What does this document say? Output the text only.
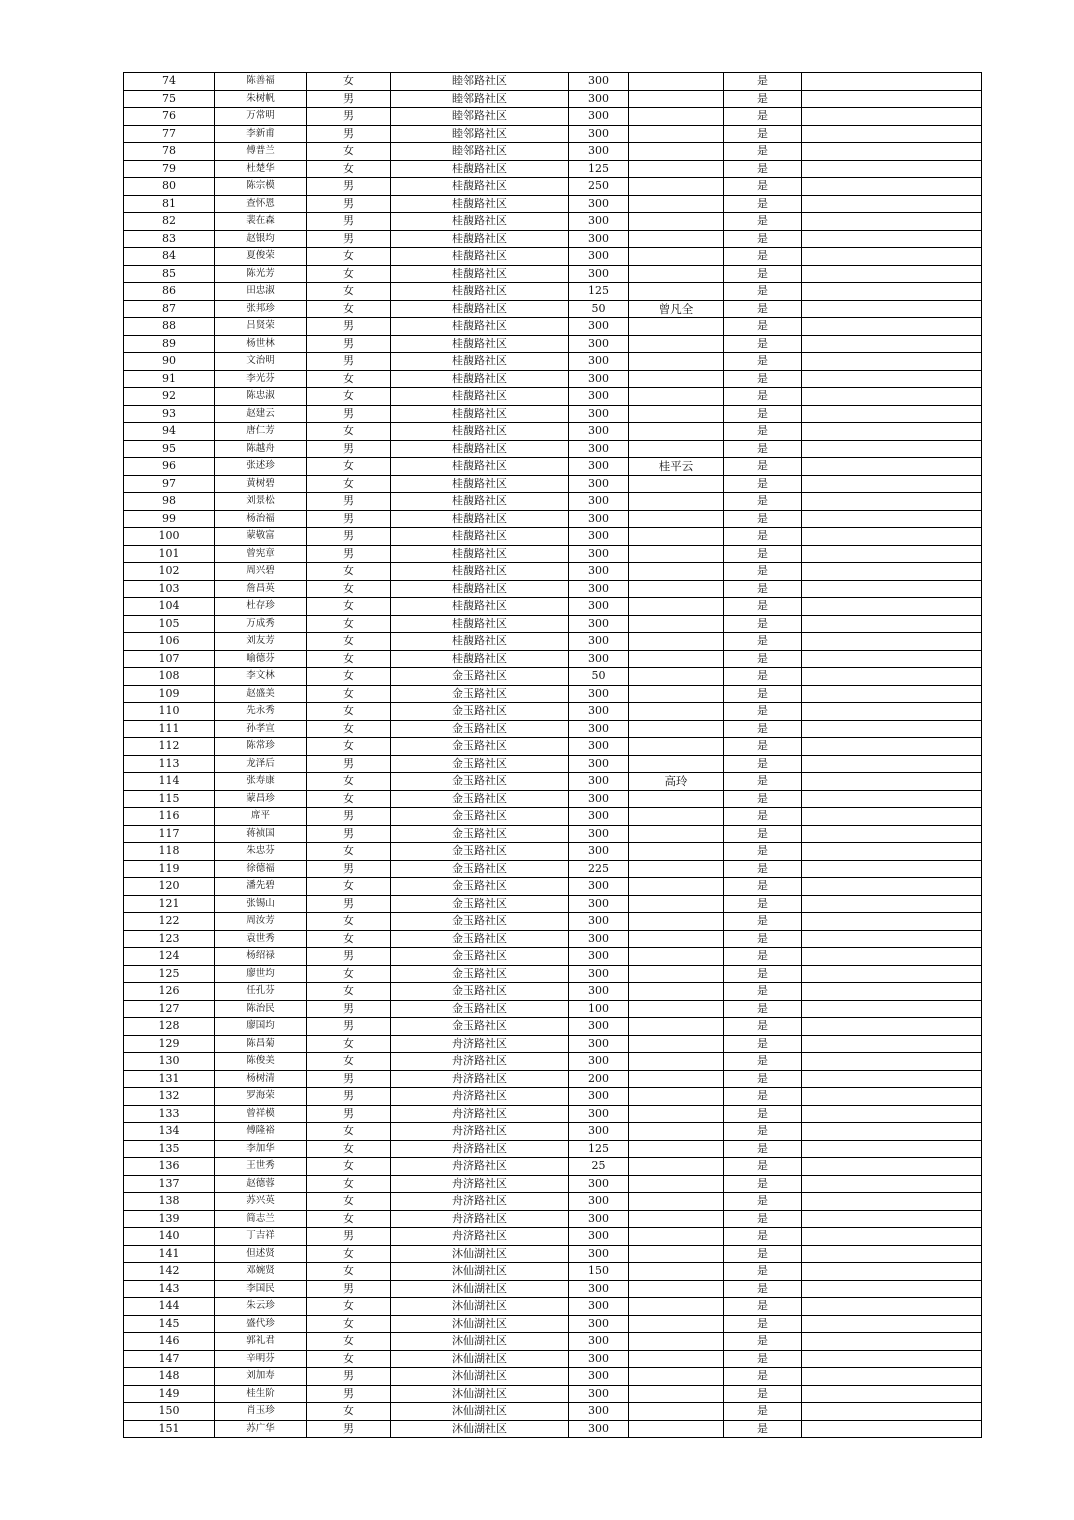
74	陈善福	女	睦邻路社区	300		是	
75	朱树帆	男	睦邻路社区	300		是	
76	万常明	男	睦邻路社区	300		是	
77	李新甫	男	睦邻路社区	300		是	
78	傅普兰	女	睦邻路社区	300		是	
79	杜楚华	女	桂馥路社区	125		是	
80	陈宗模	男	桂馥路社区	250		是	
81	查怀恩	男	桂馥路社区	300		是	
82	裴在森	男	桂馥路社区	300		是	
83	赵银均	男	桂馥路社区	300		是	
84	夏俊荣	女	桂馥路社区	300		是	
85	陈光芳	女	桂馥路社区	300		是	
86	田忠淑	女	桂馥路社区	125		是	
87	张邦珍	女	桂馥路社区	50	曾凡全	是	
88	吕贤荣	男	桂馥路社区	300		是	
89	杨世林	男	桂馥路社区	300		是	
90	文治明	男	桂馥路社区	300		是	
91	李光芬	女	桂馥路社区	300		是	
92	陈忠淑	女	桂馥路社区	300		是	
93	赵建云	男	桂馥路社区	300		是	
94	唐仁芳	女	桂馥路社区	300		是	
95	陈越舟	男	桂馥路社区	300		是	
96	张述珍	女	桂馥路社区	300	桂平云	是	
97	黄树碧	女	桂馥路社区	300		是	
98	刘景松	男	桂馥路社区	300		是	
99	杨治福	男	桂馥路社区	300		是	
100	蒙敬富	男	桂馥路社区	300		是	
101	曾宪章	男	桂馥路社区	300		是	
102	周兴碧	女	桂馥路社区	300		是	
103	詹昌英	女	桂馥路社区	300		是	
104	杜存珍	女	桂馥路社区	300		是	
105	万成秀	女	桂馥路社区	300		是	
106	刘友芳	女	桂馥路社区	300		是	
107	喻德芬	女	桂馥路社区	300		是	
108	李文林	女	金玉路社区	50		是	
109	赵盛美	女	金玉路社区	300		是	
110	先永秀	女	金玉路社区	300		是	
111	孙孝宣	女	金玉路社区	300		是	
112	陈常珍	女	金玉路社区	300		是	
113	龙泽后	男	金玉路社区	300		是	
114	张寿康	女	金玉路社区	300	高玲	是	
115	蒙昌珍	女	金玉路社区	300		是	
116	席平	男	金玉路社区	300		是	
117	蒋祯国	男	金玉路社区	300		是	
118	朱忠芬	女	金玉路社区	300		是	
119	徐德福	男	金玉路社区	225		是	
120	潘先碧	女	金玉路社区	300		是	
121	张锡山	男	金玉路社区	300		是	
122	周汝芳	女	金玉路社区	300		是	
123	袁世秀	女	金玉路社区	300		是	
124	杨绍禄	男	金玉路社区	300		是	
125	廖世均	女	金玉路社区	300		是	
126	任孔芬	女	金玉路社区	300		是	
127	陈治民	男	金玉路社区	100		是	
128	廖国均	男	金玉路社区	300		是	
129	陈昌菊	女	舟济路社区	300		是	
130	陈俊美	女	舟济路社区	300		是	
131	杨树清	男	舟济路社区	200		是	
132	罗海荣	男	舟济路社区	300		是	
133	曾祥模	男	舟济路社区	300		是	
134	傅隆裕	女	舟济路社区	300		是	
135	李加华	女	舟济路社区	125		是	
136	王世秀	女	舟济路社区	25		是	
137	赵德蓉	女	舟济路社区	300		是	
138	苏兴英	女	舟济路社区	300		是	
139	简志兰	女	舟济路社区	300		是	
140	丁吉祥	男	舟济路社区	300		是	
141	但述贤	女	沐仙湖社区	300		是	
142	邓婉贤	女	沐仙湖社区	150		是	
143	李国民	男	沐仙湖社区	300		是	
144	朱云珍	女	沐仙湖社区	300		是	
145	盛代珍	女	沐仙湖社区	300		是	
146	郭礼君	女	沐仙湖社区	300		是	
147	辛明芬	女	沐仙湖社区	300		是	
148	刘加寿	男	沐仙湖社区	300		是	
149	桂生阶	男	沐仙湖社区	300		是	
150	肖玉珍	女	沐仙湖社区	300		是	
151	苏广华	男	沐仙湖社区	300		是	
